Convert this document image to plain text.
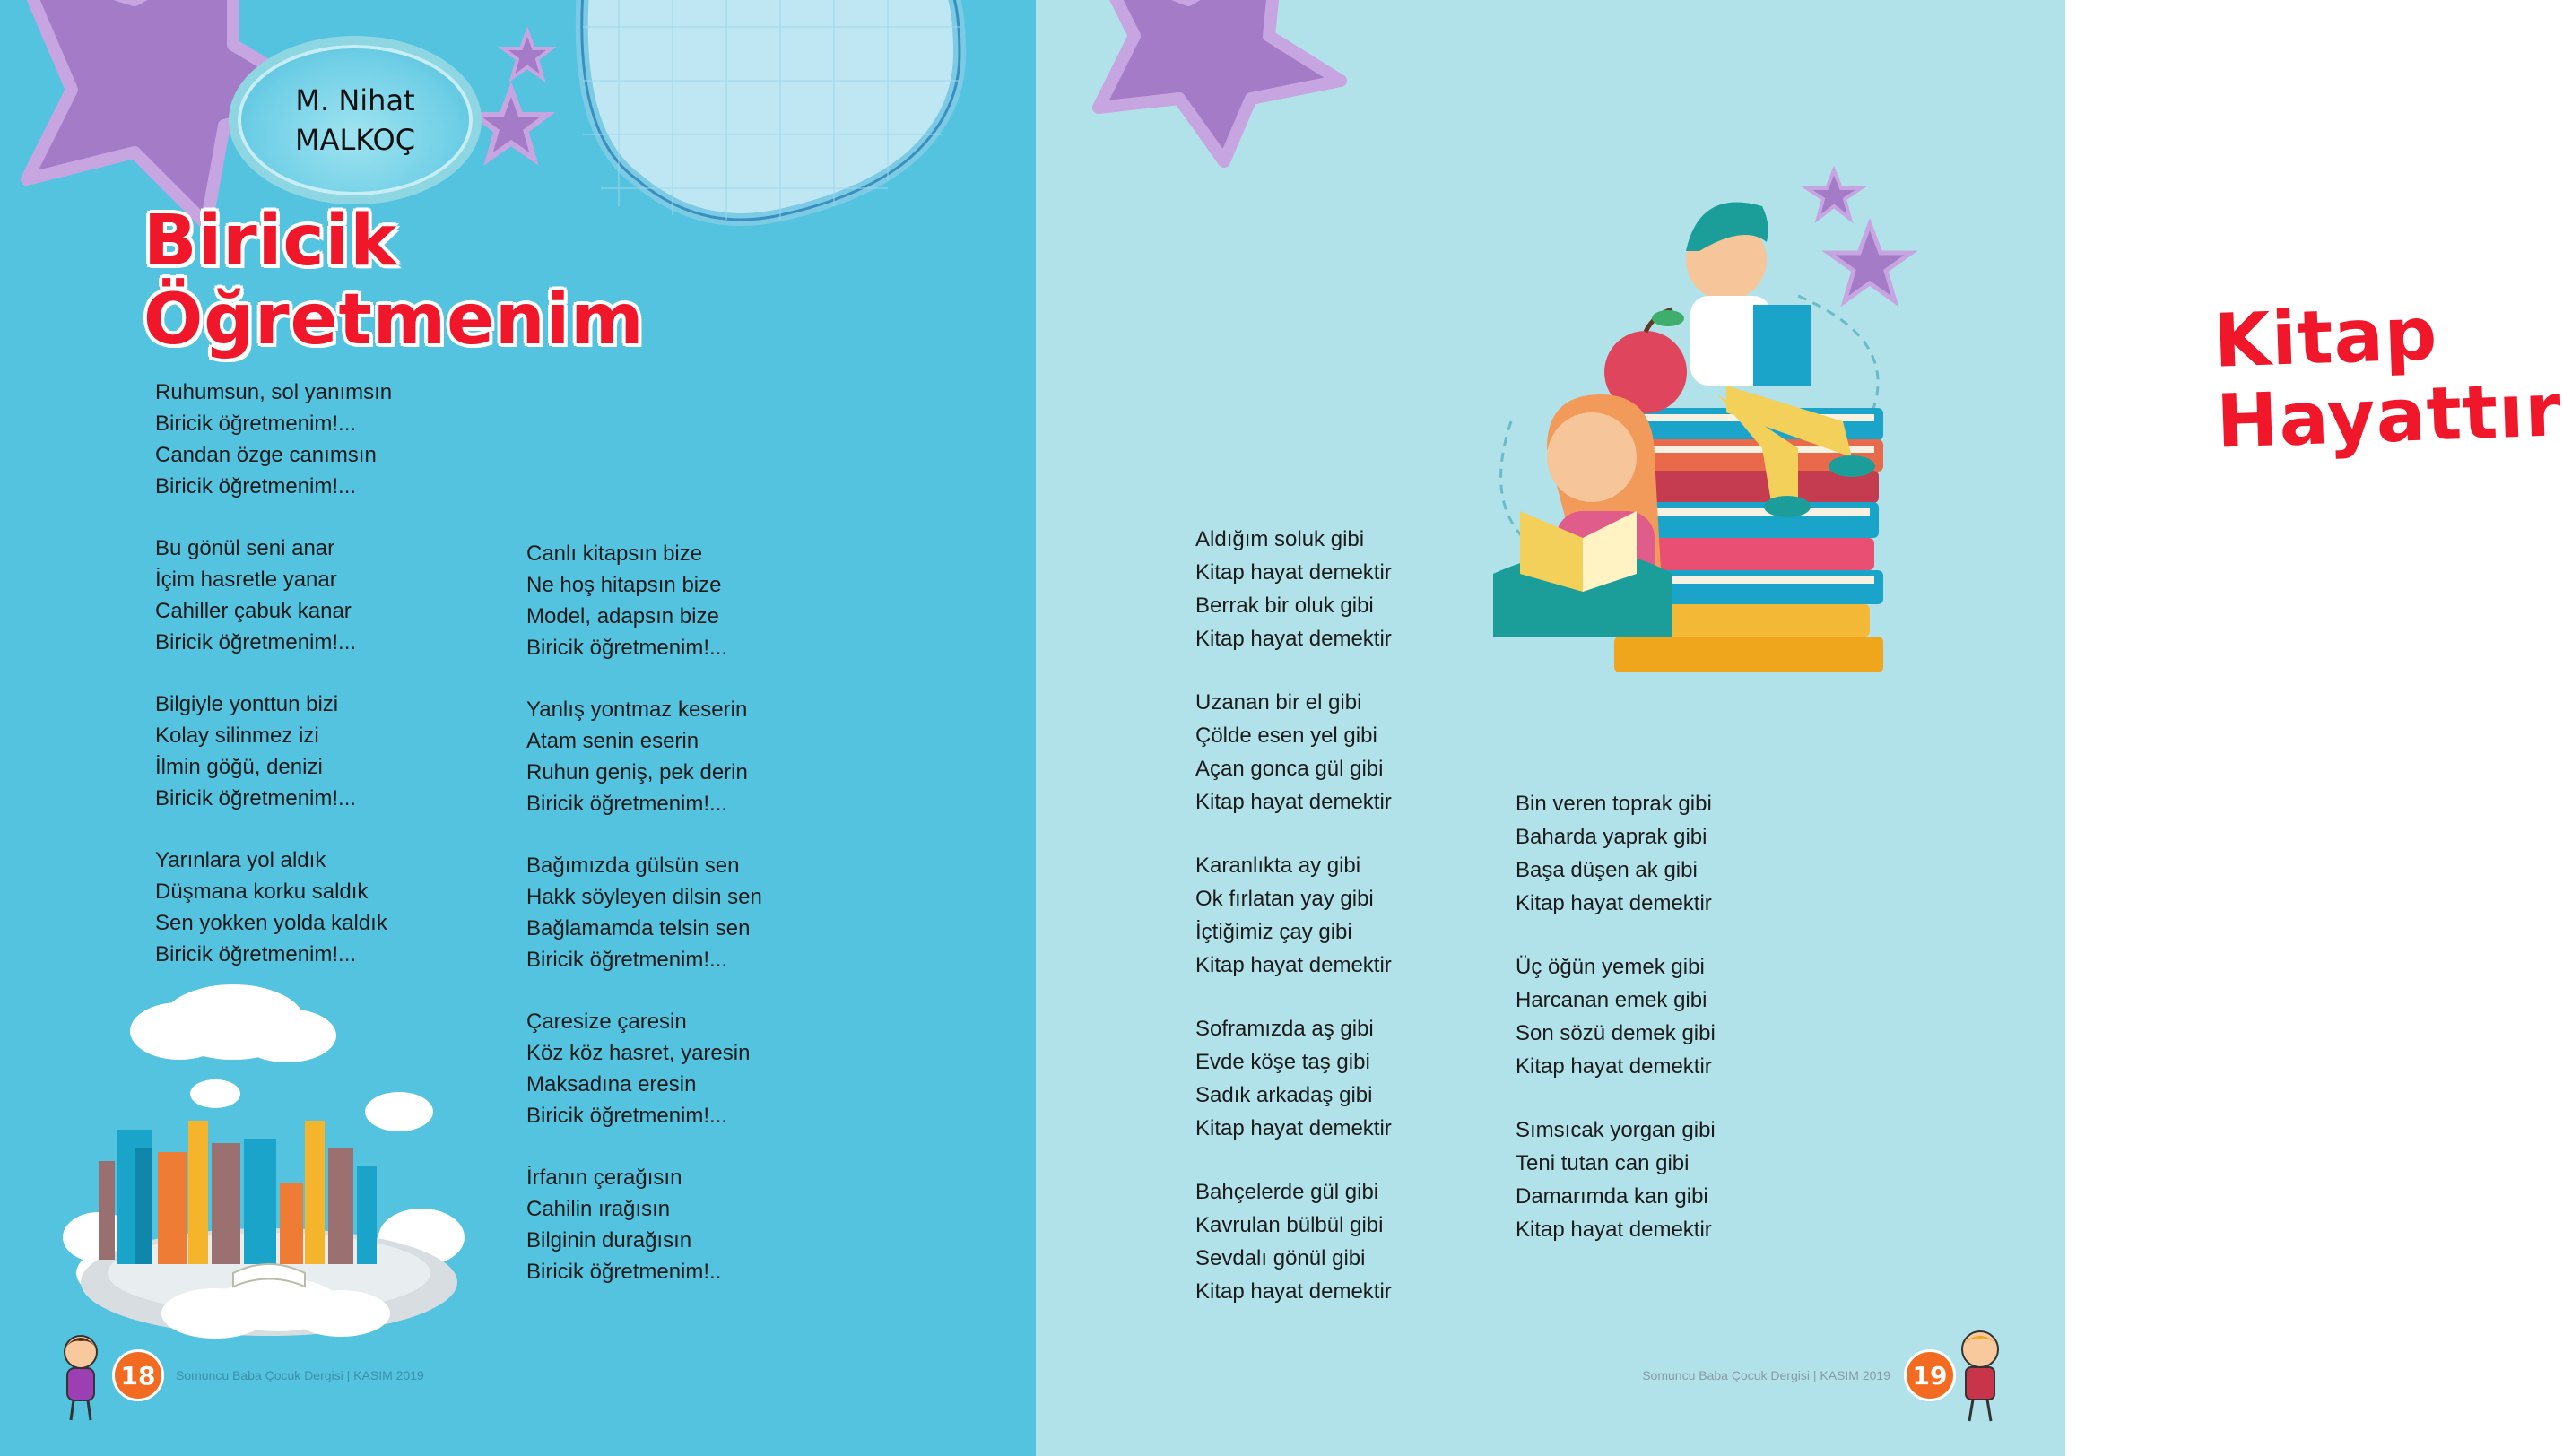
M. Nihat
MALKOÇ
Biricik
Öğretmenim
Ruhumsun, sol yanımsın
Biricik öğretmenim!...
Candan özge canımsın
Biricik öğretmenim!...
Bu gönül seni anar
İçim hasretle yanar
Cahiller çabuk kanar
Biricik öğretmenim!...
Bilgiyle yonttun bizi
Kolay silinmez izi
İlmin göğü, denizi
Biricik öğretmenim!...
Yarınlara yol aldık
Düşmana korku saldık
Sen yokken yolda kaldık
Biricik öğretmenim!...
Canlı kitapsın bize
Ne hoş hitapsın bize
Model, adapsın bize
Biricik öğretmenim!...
Yanlış yontmaz keserin
Atam senin eserin
Ruhun geniş, pek derin
Biricik öğretmenim!...
Bağımızda gülsün sen
Hakk söyleyen dilsin sen
Bağlamamda telsin sen
Biricik öğretmenim!...
Çaresize çaresin
Köz köz hasret, yaresin
Maksadına eresin
Biricik öğretmenim!...
İrfanın çerağısın
Cahilin ırağısın
Bilginin durağısın
Biricik öğretmenim!..
18	Somuncu Baba Çocuk Dergisi | KASIM 2019
Kitap
Hayattır
Aldığım soluk gibi
Kitap hayat demektir
Berrak bir oluk gibi
Kitap hayat demektir
Uzanan bir el gibi
Çölde esen yel gibi
Açan gonca gül gibi
Kitap hayat demektir
Karanlıkta ay gibi
Ok fırlatan yay gibi
İçtiğimiz çay gibi
Kitap hayat demektir
Soframızda aş gibi
Evde köşe taş gibi
Sadık arkadaş gibi
Kitap hayat demektir
Bahçelerde gül gibi
Kavrulan bülbül gibi
Sevdalı gönül gibi
Kitap hayat demektir
Bin veren toprak gibi
Baharda yaprak gibi
Başa düşen ak gibi
Kitap hayat demektir
Üç öğün yemek gibi
Harcanan emek gibi
Son sözü demek gibi
Kitap hayat demektir
Sımsıcak yorgan gibi
Teni tutan can gibi
Damarımda kan gibi
Kitap hayat demektir
19
Somuncu Baba Çocuk Dergisi | KASIM 2019
